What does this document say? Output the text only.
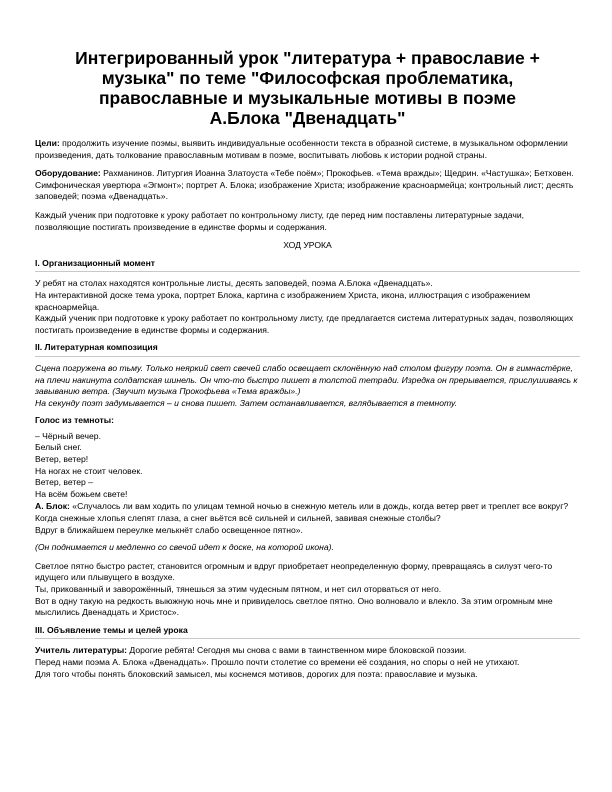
Интегрированный урок "литература + православие +
музыка" по теме "Философская проблематика,
православные и музыкальные мотивы в поэме
А.Блока "Двенадцать"

Цели: продолжить изучение поэмы, выявить индивидуальные особенности текста в образной системе, в музыкальном оформлении произведения, дать толкование православным мотивам в поэме, воспитывать любовь к истории родной страны.

Оборудование: Рахманинов. Литургия Иоанна Златоуста «Тебе поём»; Прокофьев. «Тема вражды»; Щедрин. «Частушка»; Бетховен. Симфоническая увертюра «Эгмонт»; портрет А. Блока; изображение Христа; изображение красноармейца; контрольный лист; десять заповедей; поэма «Двенадцать».

Каждый ученик при подготовке к уроку работает по контрольному листу, где перед ним поставлены литературные задачи, позволяющие постигать произведение в единстве формы и содержания.

ХОД УРОКА
I. Организационный момент
У ребят на столах находятся контрольные листы, десять заповедей, поэма А.Блока «Двенадцать».
На интерактивной доске тема урока, портрет Блока, картина с изображением Христа, икона, иллюстрация с изображением красноармейца.
Каждый ученик при подготовке к уроку работает по контрольному листу, где предлагается система литературных задач, позволяющих постигать произведение в единстве формы и содержания.
II. Литературная композиция
Сцена погружена во тьму. Только неяркий свет свечей слабо освещает склонённую над столом фигуру поэта. Он в гимнастёрке, на плечи накинута солдатская шинель. Он что-то быстро пишет в толстой тетради. Изредка он прерывается, прислушиваясь к завыванию ветра. (Звучит музыка Прокофьева «Тема вражды».)
На секунду поэт задумывается – и снова пишет. Затем останавливается, вглядывается в темноту.
Голос из темноты:
– Чёрный вечер.
Белый снег.
Ветер, ветер!
На ногах не стоит человек.
Ветер, ветер –
На всём божьем свете!
А. Блок: «Случалось ли вам ходить по улицам темной ночью в снежную метель или в дождь, когда ветер рвет и треплет все вокруг? Когда снежные хлопья слепят глаза, а снег вьётся всё сильней и сильней, завивая снежные столбы?
Вдруг в ближайшем переулке мелькнёт слабо освещенное пятно».

(Он поднимается и медленно со свечой идет к доске, на которой икона).

Светлое пятно быстро растет, становится огромным и вдруг приобретает неопределенную форму, превращаясь в силуэт чего-то идущего или плывущего в воздухе.
Ты, прикованный и заворожённый, тянешься за этим чудесным пятном, и нет сил оторваться от него.
Вот в одну такую на редкость выюжную ночь мне и привиделось светлое пятно. Оно волновало и влекло. За этим огромным мне мыслились Двенадцать и Христос».
III. Объявление темы и целей урока
Учитель литературы: Дорогие ребята! Сегодня мы снова с вами в таинственном мире блоковской поэзии.
Перед нами поэма А. Блока «Двенадцать». Прошло почти столетие со времени её создания, но споры о ней не утихают.
Для того чтобы понять блоковский замысел, мы коснемся мотивов, дорогих для поэта: православие и музыка.
